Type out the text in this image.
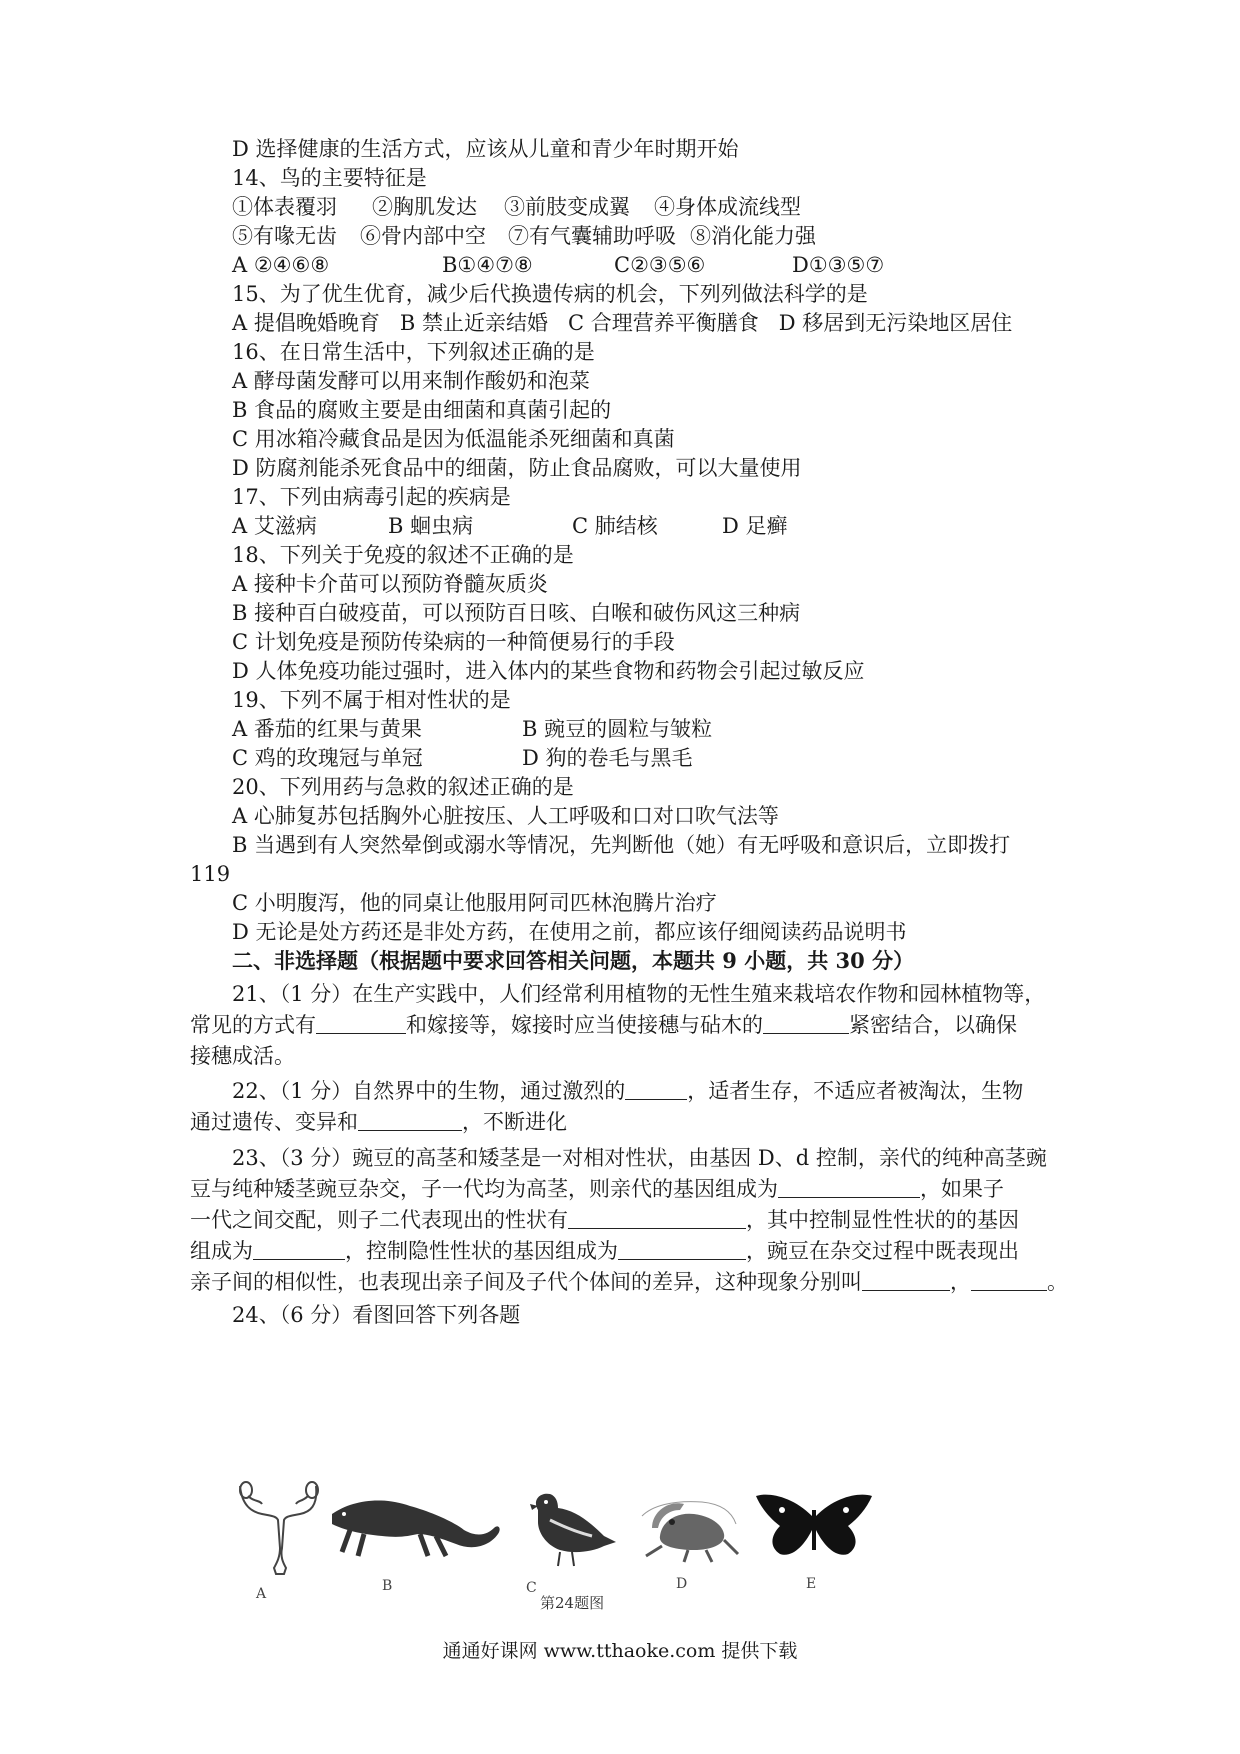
D 选择健康的生活方式，应该从儿童和青少年时期开始
14、鸟的主要特征是
①体表覆羽 ②胸肌发达 ③前肢变成翼 ④身体成流线型
⑤有喙无齿 ⑥骨内部中空 ⑦有气囊辅助呼吸 ⑧消化能力强
A ②④⑥⑧	B①④⑦⑧	C②③⑤⑥	D①③⑤⑦
15、为了优生优育，减少后代换遗传病的机会，下列列做法科学的是
A 提倡晚婚晚育   B 禁止近亲结婚   C 合理营养平衡膳食   D 移居到无污染地区居住
16、在日常生活中，下列叙述正确的是
A 酵母菌发酵可以用来制作酸奶和泡菜
B 食品的腐败主要是由细菌和真菌引起的
C 用冰箱冷藏食品是因为低温能杀死细菌和真菌
D 防腐剂能杀死食品中的细菌，防止食品腐败，可以大量使用
17、下列由病毒引起的疾病是
A 艾滋病	B 蛔虫病	C 肺结核	D 足癣
18、下列关于免疫的叙述不正确的是
A 接种卡介苗可以预防脊髓灰质炎
B 接种百白破疫苗，可以预防百日咳、白喉和破伤风这三种病
C 计划免疫是预防传染病的一种简便易行的手段
D 人体免疫功能过强时，进入体内的某些食物和药物会引起过敏反应
19、下列不属于相对性状的是
A 番茄的红果与黄果	B 豌豆的圆粒与皱粒
C 鸡的玫瑰冠与单冠	D 狗的卷毛与黑毛
20、下列用药与急救的叙述正确的是
A 心肺复苏包括胸外心脏按压、人工呼吸和口对口吹气法等
B 当遇到有人突然晕倒或溺水等情况，先判断他（她）有无呼吸和意识后，立即拨打
119
C 小明腹泻，他的同桌让他服用阿司匹林泡腾片治疗
D 无论是处方药还是非处方药，在使用之前，都应该仔细阅读药品说明书
二、非选择题（根据题中要求回答相关问题，本题共 9 小题，共 30 分）
21、（1 分）在生产实践中，人们经常利用植物的无性生殖来栽培农作物和园林植物等，
常见的方式有	和嫁接等，嫁接时应当使接穗与砧木的	紧密结合，以确保
接穗成活。
22、（1 分）自然界中的生物，通过激烈的	，适者生存，不适应者被淘汰，生物
通过遗传、变异和	，不断进化
23、（3 分）豌豆的高茎和矮茎是一对相对性状，由基因 D、d 控制，亲代的纯种高茎豌
豆与纯种矮茎豌豆杂交，子一代均为高茎，则亲代的基因组成为	，如果子
一代之间交配，则子二代表现出的性状有	，其中控制显性性状的的基因
组成为	，控制隐性性状的基因组成为	，豌豆在杂交过程中既表现出
亲子间的相似性，也表现出亲子间及子代个体间的差异，这种现象分别叫	，	。
24、（6 分）看图回答下列各题
A	B	C	D	E
第24题图
通通好课网 www.tthaoke.com 提供下载
